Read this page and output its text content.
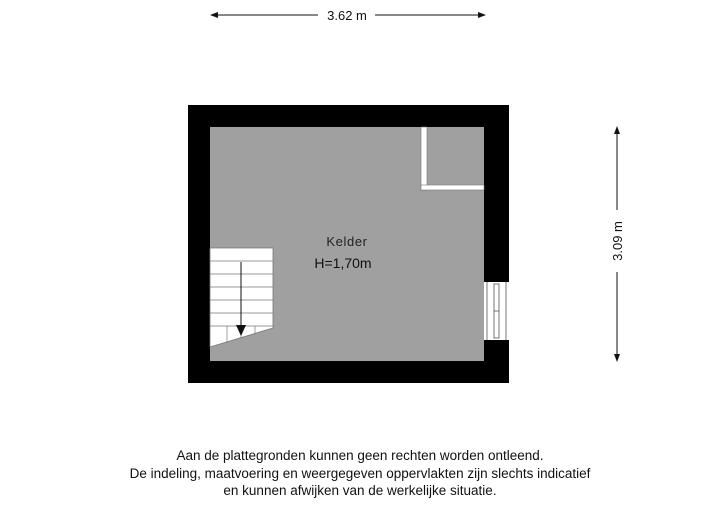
3.62 m
3.09 m
Kelder
H=1,70m
Aan de plattegronden kunnen geen rechten worden ontleend.
De indeling, maatvoering en weergegeven oppervlakten zijn slechts indicatief
en kunnen afwijken van de werkelijke situatie.
